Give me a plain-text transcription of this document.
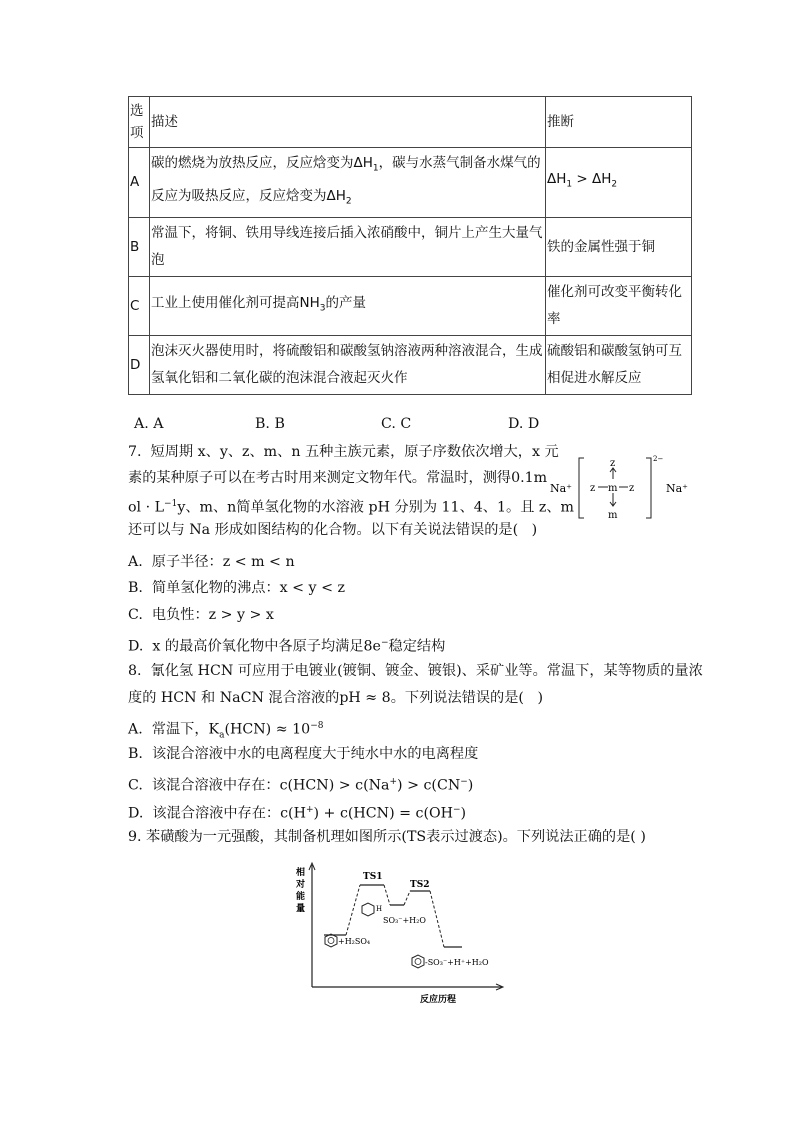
选项	描述	推断
A	碳的燃烧为放热反应，反应焓变为$\Delta H_1$，碳与水蒸气制备水煤气的反应为吸热反应，反应焓变为$\Delta H_2$	$\Delta H_1 > \Delta H_2$
B	常温下，将铜、铁用导线连接后插入浓硝酸中，铜片上产生大量气泡	铁的金属性强于铜
C	工业上使用催化剂可提高$NH_3$的产量	催化剂可改变平衡转化率
D	泡沫灭火器使用时，将硫酸铝和碳酸氢钠溶液两种溶液混合，生成氢氧化铝和二氧化碳的泡沫混合液起灭火作	硫酸铝和碳酸氢钠可互相促进水解反应
A. A	B. B	C. C	D. D
7.  短周期 x、y、z、m、n 五种主族元素，原子序数依次增大，x 元
素的某种原子可以在考古时用来测定文物年代。常温时，测得0.1m
ol · $L^{-1}y$、m、n简单氢化物的水溶液 pH 分别为 11、4、1。且 z、m
还可以与 Na 形成如图结构的化合物。以下有关说法错误的是(   )
Na⁺
2−
z
z m z
m
Na⁺
A.  原子半径：z < m < n
B.  简单氢化物的沸点：x < y < z
C.  电负性：z > y > x
D.  x 的最高价氧化物中各原子均满足8e−稳定结构
8.  氰化氢 HCN 可应用于电镀业(镀铜、镀金、镀银)、采矿业等。常温下，某等物质的量浓
度的 HCN 和 NaCN 混合溶液的pH ≈ 8。下列说法错误的是(   )
A.  常温下，$K_a(HCN) \approx 10^{-8}$
B.  该混合溶液中水的电离程度大于纯水中水的电离程度
C.  该混合溶液中存在：c(HCN) > c(Na+) > c(CN−)
D.  该混合溶液中存在：c(H+) + c(HCN) = c(OH−)
9. 苯磺酸为一元强酸，其制备机理如图所示(TS表示过渡态)。下列说法正确的是( )
相
对
能
量
反应历程
TS1
TS2
+H₂SO₄
H
SO₃⁻+H₂O
-SO₃⁻+H⁺+H₂O
